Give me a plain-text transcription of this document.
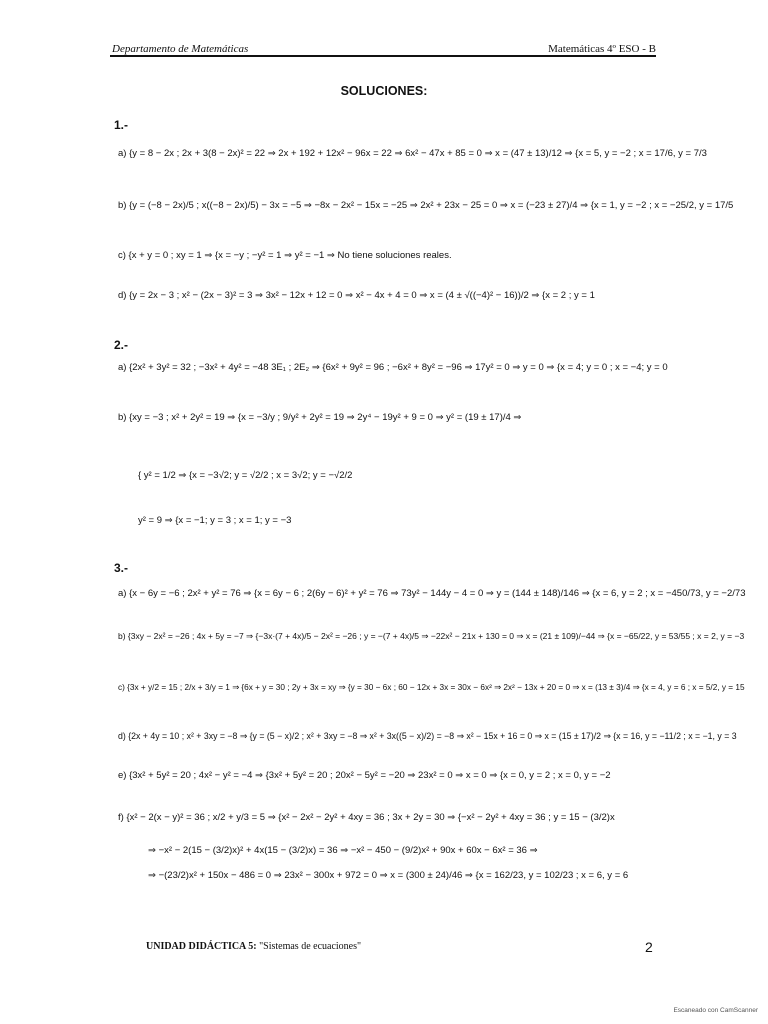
Departamento de Matemáticas	Matemáticas 4º ESO - B
SOLUCIONES:
1.-
a) {y = 8 − 2x ; 2x + 3(8 − 2x)² = 22 ⇒ 2x + 192 + 12x² − 96x = 22 ⇒ 6x² − 47x + 85 = 0 ⇒ x = (47 ± 13)/12 ⇒ {x = 5, y = −2 ; x = 17/6, y = 7/3
b) {y = (−8 − 2x)/5 ; x((−8 − 2x)/5) − 3x = −5 ⇒ −8x − 2x² − 15x = −25 ⇒ 2x² + 23x − 25 = 0 ⇒ x = (−23 ± 27)/4 ⇒ {x = 1, y = −2 ; x = −25/2, y = 17/5
c) {x + y = 0 ; xy = 1 ⇒ {x = −y ; −y² = 1 ⇒ y² = −1 ⇒ No tiene soluciones reales.
d) {y = 2x − 3 ; x² − (2x − 3)² = 3 ⇒ 3x² − 12x + 12 = 0 ⇒ x² − 4x + 4 = 0 ⇒ x = (4 ± √((−4)² − 16))/2 ⇒ {x = 2 ; y = 1
2.-
a) {2x² + 3y² = 32 ; −3x² + 4y² = −48 3E₁ ; 2E₂ ⇒ {6x² + 9y² = 96 ; −6x² + 8y² = −96 ⇒ 17y² = 0 ⇒ y = 0 ⇒ {x = 4; y = 0 ; x = −4; y = 0
b) {xy = −3 ; x² + 2y² = 19 ⇒ {x = −3/y ; 9/y² + 2y² = 19 ⇒ 2y⁴ − 19y² + 9 = 0 ⇒ y² = (19 ± 17)/4 ⇒
{ y² = 1/2 ⇒ {x = −3√2; y = √2/2 ; x = 3√2; y = −√2/2
y² = 9 ⇒ {x = −1; y = 3 ; x = 1; y = −3
3.-
a) {x − 6y = −6 ; 2x² + y² = 76 ⇒ {x = 6y − 6 ; 2(6y − 6)² + y² = 76 ⇒ 73y² − 144y − 4 = 0 ⇒ y = (144 ± 148)/146 ⇒ {x = 6, y = 2 ; x = −450/73, y = −2/73
b) {3xy − 2x² = −26 ; 4x + 5y = −7 ⇒ {−3x·(7 + 4x)/5 − 2x² = −26 ; y = −(7 + 4x)/5 ⇒ −22x² − 21x + 130 = 0 ⇒ x = (21 ± 109)/−44 ⇒ {x = −65/22, y = 53/55 ; x = 2, y = −3
c) {3x + y/2 = 15 ; 2/x + 3/y = 1 ⇒ {6x + y = 30 ; 2y + 3x = xy ⇒ {y = 30 − 6x ; 60 − 12x + 3x = 30x − 6x² ⇒ 2x² − 13x + 20 = 0 ⇒ x = (13 ± 3)/4 ⇒ {x = 4, y = 6 ; x = 5/2, y = 15
d) {2x + 4y = 10 ; x² + 3xy = −8 ⇒ {y = (5 − x)/2 ; x² + 3xy = −8 ⇒ x² + 3x((5 − x)/2) = −8 ⇒ x² − 15x + 16 = 0 ⇒ x = (15 ± 17)/2 ⇒ {x = 16, y = −11/2 ; x = −1, y = 3
e) {3x² + 5y² = 20 ; 4x² − y² = −4 ⇒ {3x² + 5y² = 20 ; 20x² − 5y² = −20 ⇒ 23x² = 0 ⇒ x = 0 ⇒ {x = 0, y = 2 ; x = 0, y = −2
f) {x² − 2(x − y)² = 36 ; x/2 + y/3 = 5 ⇒ {x² − 2x² − 2y² + 4xy = 36 ; 3x + 2y = 30 ⇒ {−x² − 2y² + 4xy = 36 ; y = 15 − (3/2)x
⇒ −x² − 2(15 − (3/2)x)² + 4x(15 − (3/2)x) = 36 ⇒ −x² − 450 − (9/2)x² + 90x + 60x − 6x² = 36 ⇒
⇒ −(23/2)x² + 150x − 486 = 0 ⇒ 23x² − 300x + 972 = 0 ⇒ x = (300 ± 24)/46 ⇒ {x = 162/23, y = 102/23 ; x = 6, y = 6
UNIDAD DIDÁCTICA 5: "Sistemas de ecuaciones"	2
Escaneado con CamScanner
